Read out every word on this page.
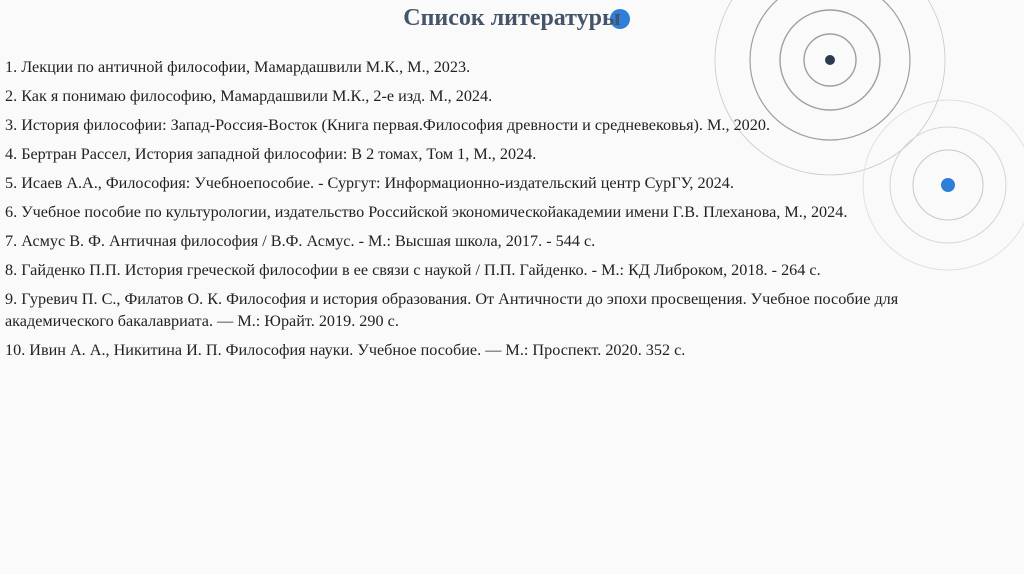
Список литературы
1. Лекции по античной философии, Мамардашвили М.К., М., 2023.
2. Как я понимаю философию, Мамардашвили М.К., 2-е изд. М., 2024.
3. История философии: Запад-Россия-Восток (Книга первая.Философия древности и средневековья). М., 2020.
4. Бертран Рассел, История западной философии: В 2 томах, Том 1, М., 2024.
5. Исаев А.А., Философия: Учебноепособие. - Сургут: Информационно-издательский центр СурГУ, 2024.
6. Учебное пособие по культурологии, издательство Российской экономическойакадемии имени Г.В. Плеханова, М., 2024.
7. Асмус В. Ф. Античная философия / В.Ф. Асмус. - М.: Высшая школа, 2017. - 544 с.
8. Гайденко П.П. История греческой философии в ее связи с наукой / П.П. Гайденко. - М.: КД Либроком, 2018. - 264 с.
9. Гуревич П. С., Филатов О. К. Философия и история образования. От Античности до эпохи просвещения. Учебное пособие для академического бакалавриата. — М.: Юрайт. 2019. 290 с.
10. Ивин А. А., Никитина И. П. Философия науки. Учебное пособие. — М.: Проспект. 2020. 352 с.
